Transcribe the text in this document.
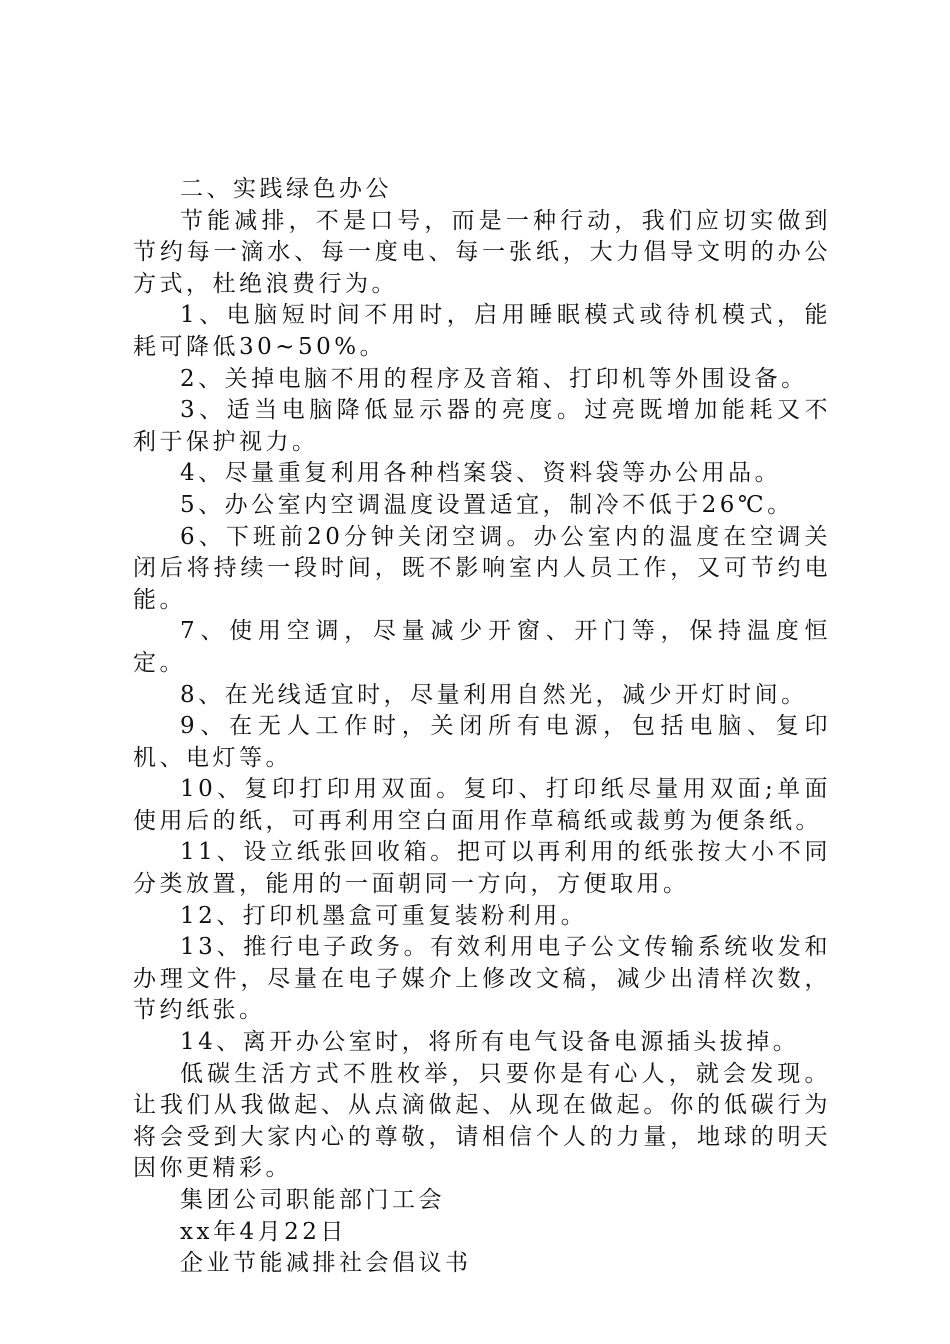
二、实践绿色办公

节能减排，不是口号，而是一种行动，我们应切实做到节约每一滴水、每一度电、每一张纸，大力倡导文明的办公方式，杜绝浪费行为。

1、电脑短时间不用时，启用睡眠模式或待机模式，能耗可降低30~50%。

2、关掉电脑不用的程序及音箱、打印机等外围设备。

3、适当电脑降低显示器的亮度。过亮既增加能耗又不利于保护视力。

4、尽量重复利用各种档案袋、资料袋等办公用品。

5、办公室内空调温度设置适宜，制冷不低于26℃。

6、下班前20分钟关闭空调。办公室内的温度在空调关闭后将持续一段时间，既不影响室内人员工作，又可节约电能。

7、使用空调，尽量减少开窗、开门等，保持温度恒定。

8、在光线适宜时，尽量利用自然光，减少开灯时间。

9、在无人工作时，关闭所有电源，包括电脑、复印机、电灯等。

10、复印打印用双面。复印、打印纸尽量用双面;单面使用后的纸，可再利用空白面用作草稿纸或裁剪为便条纸。

11、设立纸张回收箱。把可以再利用的纸张按大小不同分类放置，能用的一面朝同一方向，方便取用。

12、打印机墨盒可重复装粉利用。

13、推行电子政务。有效利用电子公文传输系统收发和办理文件，尽量在电子媒介上修改文稿，减少出清样次数，节约纸张。

14、离开办公室时，将所有电气设备电源插头拔掉。

低碳生活方式不胜枚举，只要你是有心人，就会发现。让我们从我做起、从点滴做起、从现在做起。你的低碳行为将会受到大家内心的尊敬，请相信个人的力量，地球的明天因你更精彩。

集团公司职能部门工会

xx年4月22日

企业节能减排社会倡议书
